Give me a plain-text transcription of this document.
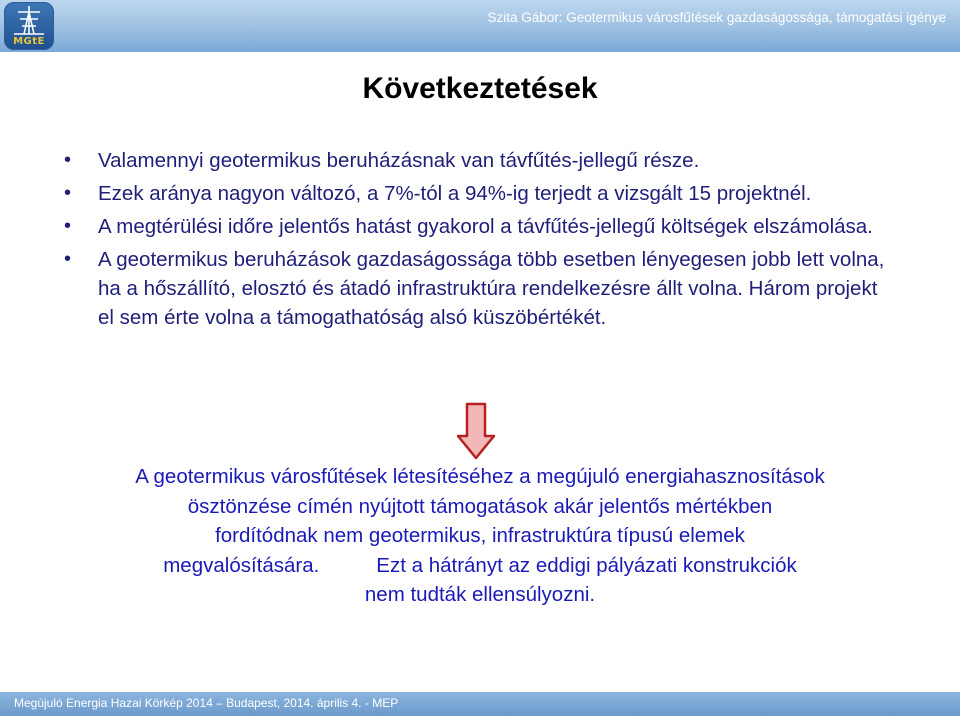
MGtE
Szita Gábor: Geotermikus városfűtések gazdaságossága, támogatási igénye
Következtetések
• Valamennyi geotermikus beruházásnak van távfűtés-jellegű része.
• Ezek aránya nagyon változó, a 7%-tól a 94%-ig terjedt a vizsgált 15 projektnél.
• A megtérülési időre jelentős hatást gyakorol a távfűtés-jellegű költségek elszámolása.
• A geotermikus beruházások gazdaságossága több esetben lényegesen jobb lett volna, ha a hőszállító, elosztó és átadó infrastruktúra rendelkezésre állt volna. Három projekt el sem érte volna a támogathatóság alsó küszöbértékét.
A geotermikus városfűtések létesítéséhez a megújuló energiahasznosítások
ösztönzése címén nyújtott támogatások akár jelentős mértékben
fordítódnak nem geotermikus, infrastruktúra típusú elemek
megvalósítására.          Ezt a hátrányt az eddigi pályázati konstrukciók
nem tudták ellensúlyozni.
Megújuló Energia Hazai Körkép 2014 – Budapest, 2014. április 4. - MEP
